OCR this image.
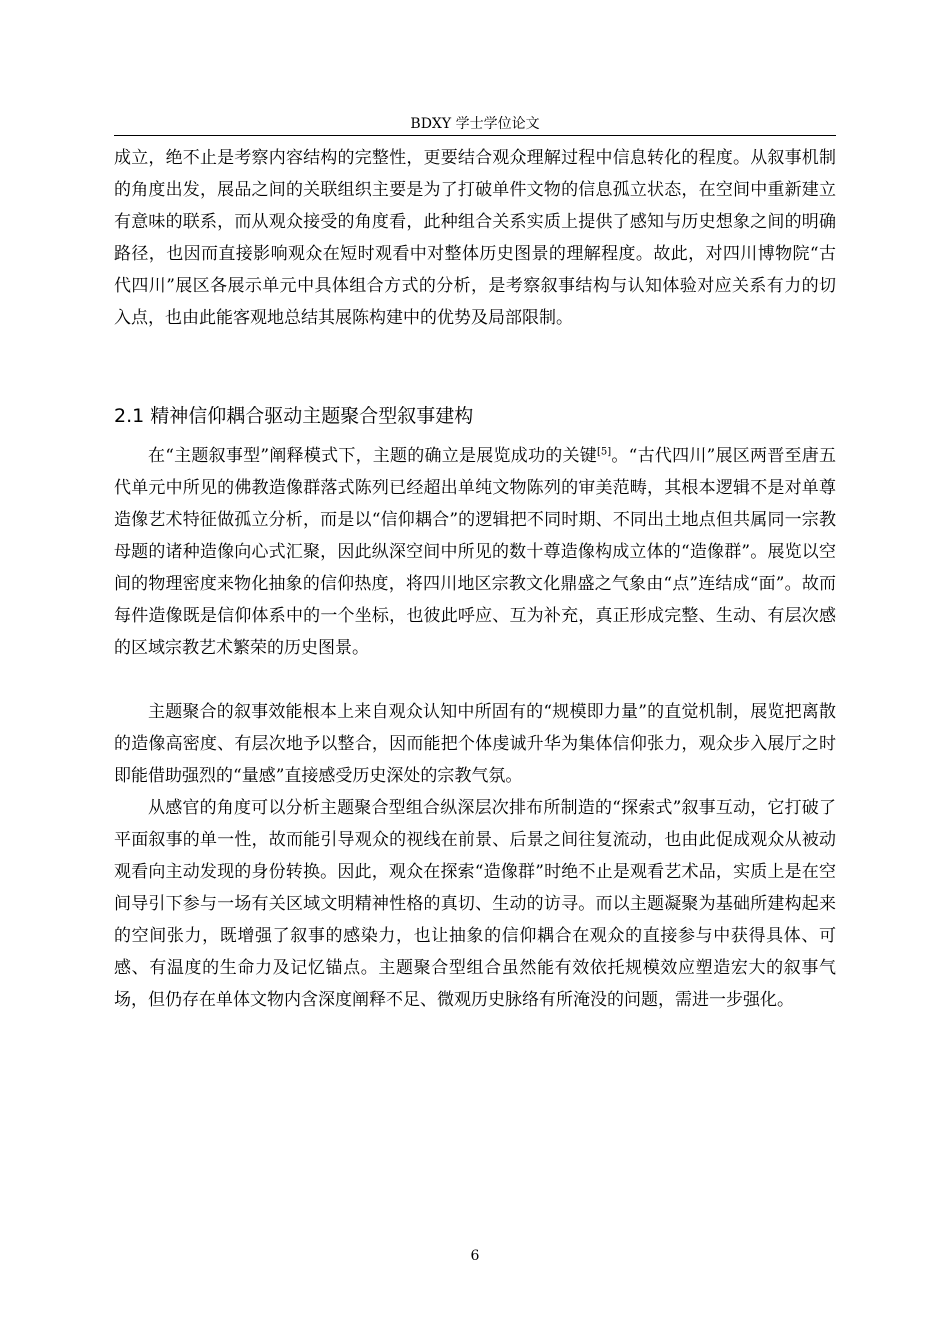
BDXY 学士学位论文

成立，绝不止是考察内容结构的完整性，更要结合观众理解过程中信息转化的程度。从叙事机制的角度出发，展品之间的关联组织主要是为了打破单件文物的信息孤立状态，在空间中重新建立有意味的联系，而从观众接受的角度看，此种组合关系实质上提供了感知与历史想象之间的明确路径，也因而直接影响观众在短时观看中对整体历史图景的理解程度。故此，对四川博物院“古代四川”展区各展示单元中具体组合方式的分析，是考察叙事结构与认知体验对应关系有力的切入点，也由此能客观地总结其展陈构建中的优势及局部限制。

2.1 精神信仰耦合驱动主题聚合型叙事建构

在“主题叙事型”阐释模式下，主题的确立是展览成功的关键[5]。“古代四川”展区两晋至唐五代单元中所见的佛教造像群落式陈列已经超出单纯文物陈列的审美范畴，其根本逻辑不是对单尊造像艺术特征做孤立分析，而是以“信仰耦合”的逻辑把不同时期、不同出土地点但共属同一宗教母题的诸种造像向心式汇聚，因此纵深空间中所见的数十尊造像构成立体的“造像群”。展览以空间的物理密度来物化抽象的信仰热度，将四川地区宗教文化鼎盛之气象由“点”连结成“面”。故而每件造像既是信仰体系中的一个坐标，也彼此呼应、互为补充，真正形成完整、生动、有层次感的区域宗教艺术繁荣的历史图景。

主题聚合的叙事效能根本上来自观众认知中所固有的“规模即力量”的直觉机制，展览把离散的造像高密度、有层次地予以整合，因而能把个体虔诚升华为集体信仰张力，观众步入展厅之时即能借助强烈的“量感”直接感受历史深处的宗教气氛。

从感官的角度可以分析主题聚合型组合纵深层次排布所制造的“探索式”叙事互动，它打破了平面叙事的单一性，故而能引导观众的视线在前景、后景之间往复流动，也由此促成观众从被动观看向主动发现的身份转换。因此，观众在探索“造像群”时绝不止是观看艺术品，实质上是在空间导引下参与一场有关区域文明精神性格的真切、生动的访寻。而以主题凝聚为基础所建构起来的空间张力，既增强了叙事的感染力，也让抽象的信仰耦合在观众的直接参与中获得具体、可感、有温度的生命力及记忆锚点。主题聚合型组合虽然能有效依托规模效应塑造宏大的叙事气场，但仍存在单体文物内含深度阐释不足、微观历史脉络有所淹没的问题，需进一步强化。

6
